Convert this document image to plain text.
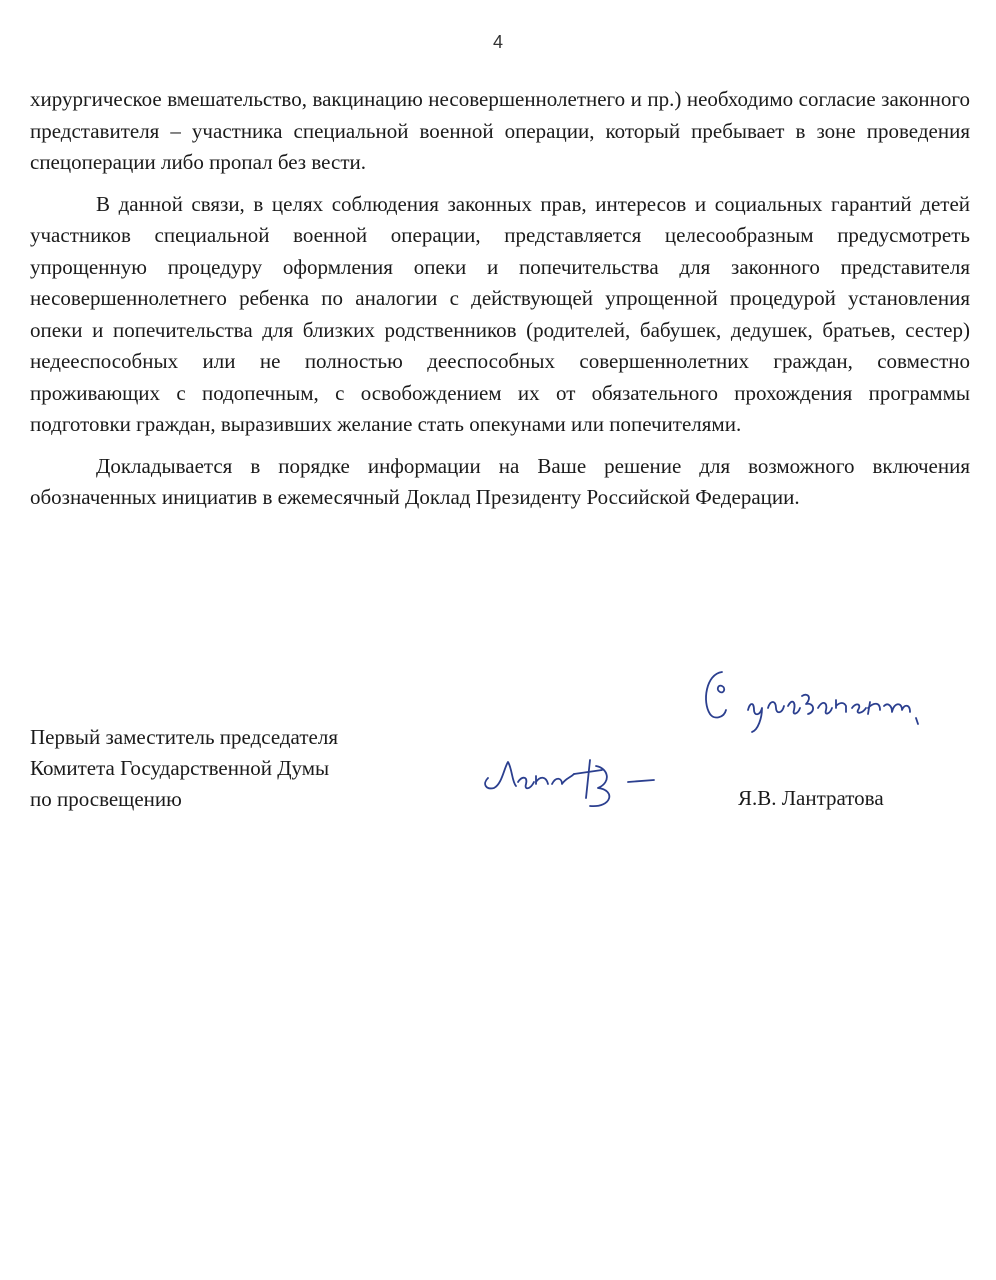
4

хирургическое вмешательство, вакцинацию несовершеннолетнего и пр.) необходимо согласие законного представителя – участника специальной военной операции, который пребывает в зоне проведения спецоперации либо пропал без вести.

В данной связи, в целях соблюдения законных прав, интересов и социальных гарантий детей участников специальной военной операции, представляется целесообразным предусмотреть упрощенную процедуру оформления опеки и попечительства для законного представителя несовершеннолетнего ребенка по аналогии с действующей упрощенной процедурой установления опеки и попечительства для близких родственников (родителей, бабушек, дедушек, братьев, сестер) недееспособных или не полностью дееспособных совершеннолетних граждан, совместно проживающих с подопечным, с освобождением их от обязательного прохождения программы подготовки граждан, выразивших желание стать опекунами или попечителями.

Докладывается в порядке информации на Ваше решение для возможного включения обозначенных инициатив в ежемесячный Доклад Президенту Российской Федерации.

Первый заместитель председателя
Комитета Государственной Думы
по просвещению	Я.В. Лантратова
